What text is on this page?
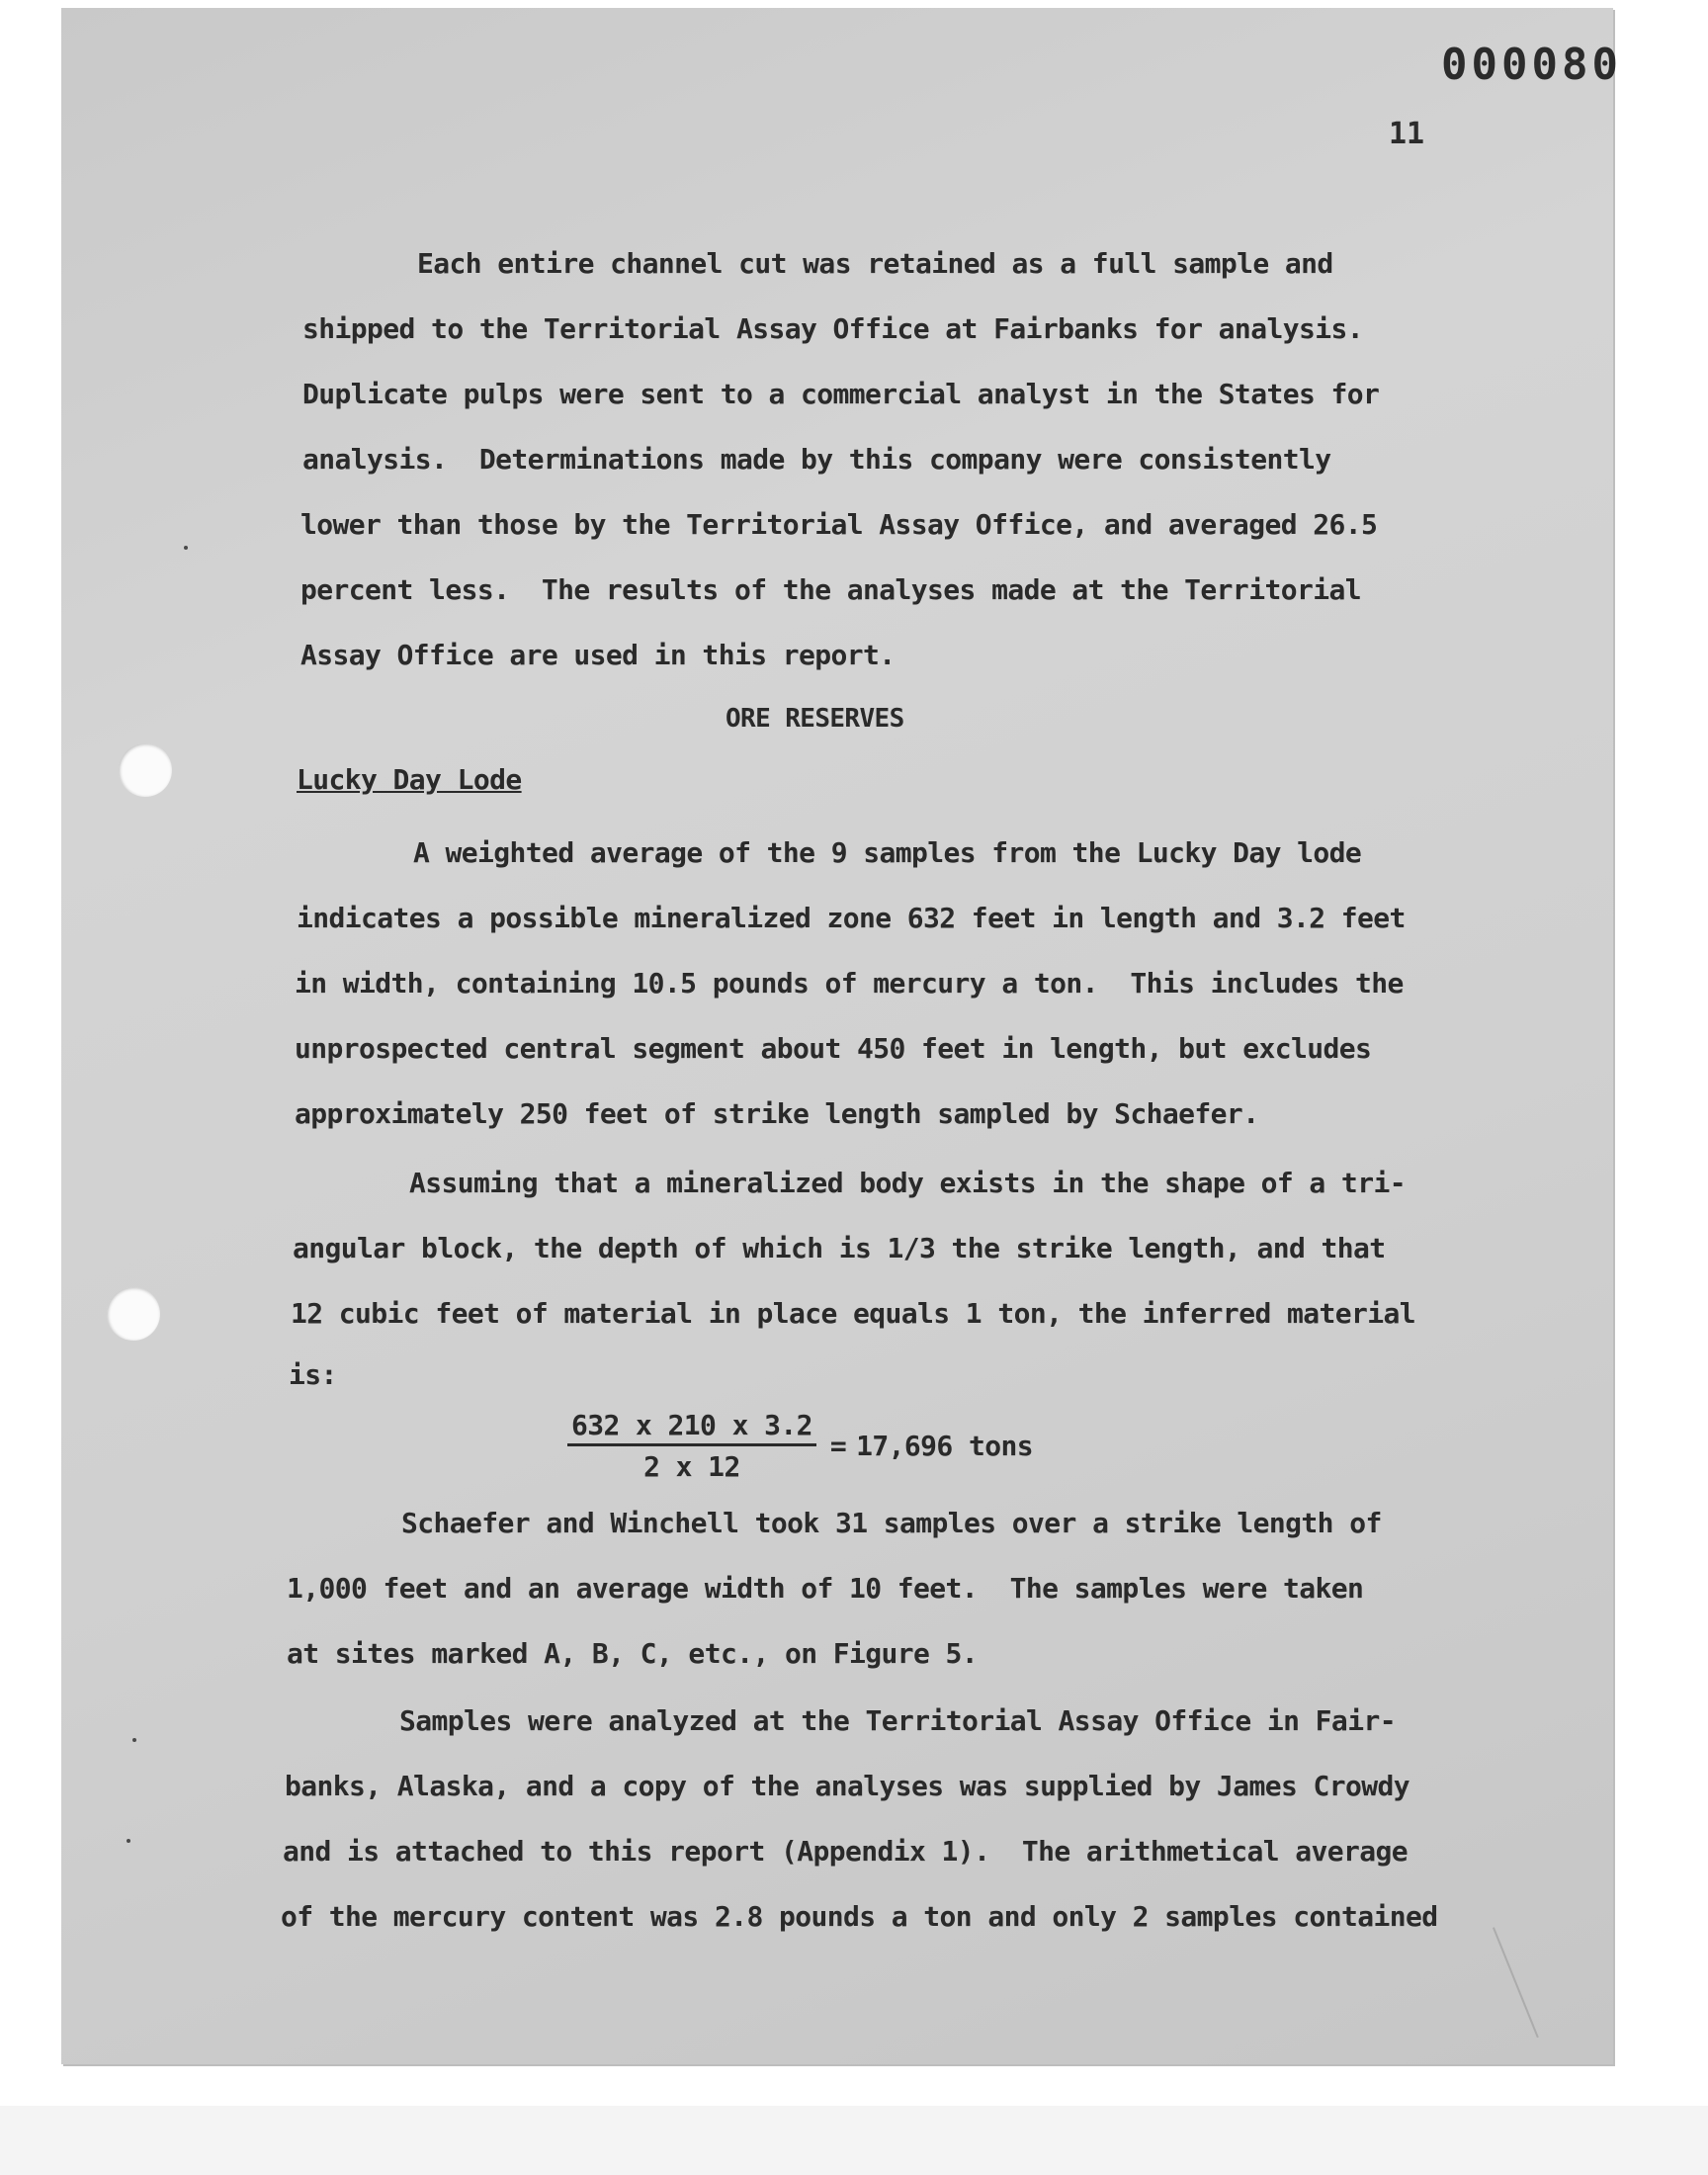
000080
11
Each entire channel cut was retained as a full sample and
shipped to the Territorial Assay Office at Fairbanks for analysis.
Duplicate pulps were sent to a commercial analyst in the States for
analysis.  Determinations made by this company were consistently
lower than those by the Territorial Assay Office, and averaged 26.5
percent less.  The results of the analyses made at the Territorial
Assay Office are used in this report.
ORE RESERVES
Lucky Day Lode
A weighted average of the 9 samples from the Lucky Day lode
indicates a possible mineralized zone 632 feet in length and 3.2 feet
in width, containing 10.5 pounds of mercury a ton.  This includes the
unprospected central segment about 450 feet in length, but excludes
approximately 250 feet of strike length sampled by Schaefer.
Assuming that a mineralized body exists in the shape of a tri-
angular block, the depth of which is 1/3 the strike length, and that
12 cubic feet of material in place equals 1 ton, the inferred material
is:
$\frac{632 x 210 x 3.2}{2 x 12} = 17,696$ tons
Schaefer and Winchell took 31 samples over a strike length of
1,000 feet and an average width of 10 feet.  The samples were taken
at sites marked A, B, C, etc., on Figure 5.
Samples were analyzed at the Territorial Assay Office in Fair-
banks, Alaska, and a copy of the analyses was supplied by James Crowdy
and is attached to this report (Appendix 1).  The arithmetical average
of the mercury content was 2.8 pounds a ton and only 2 samples contained
